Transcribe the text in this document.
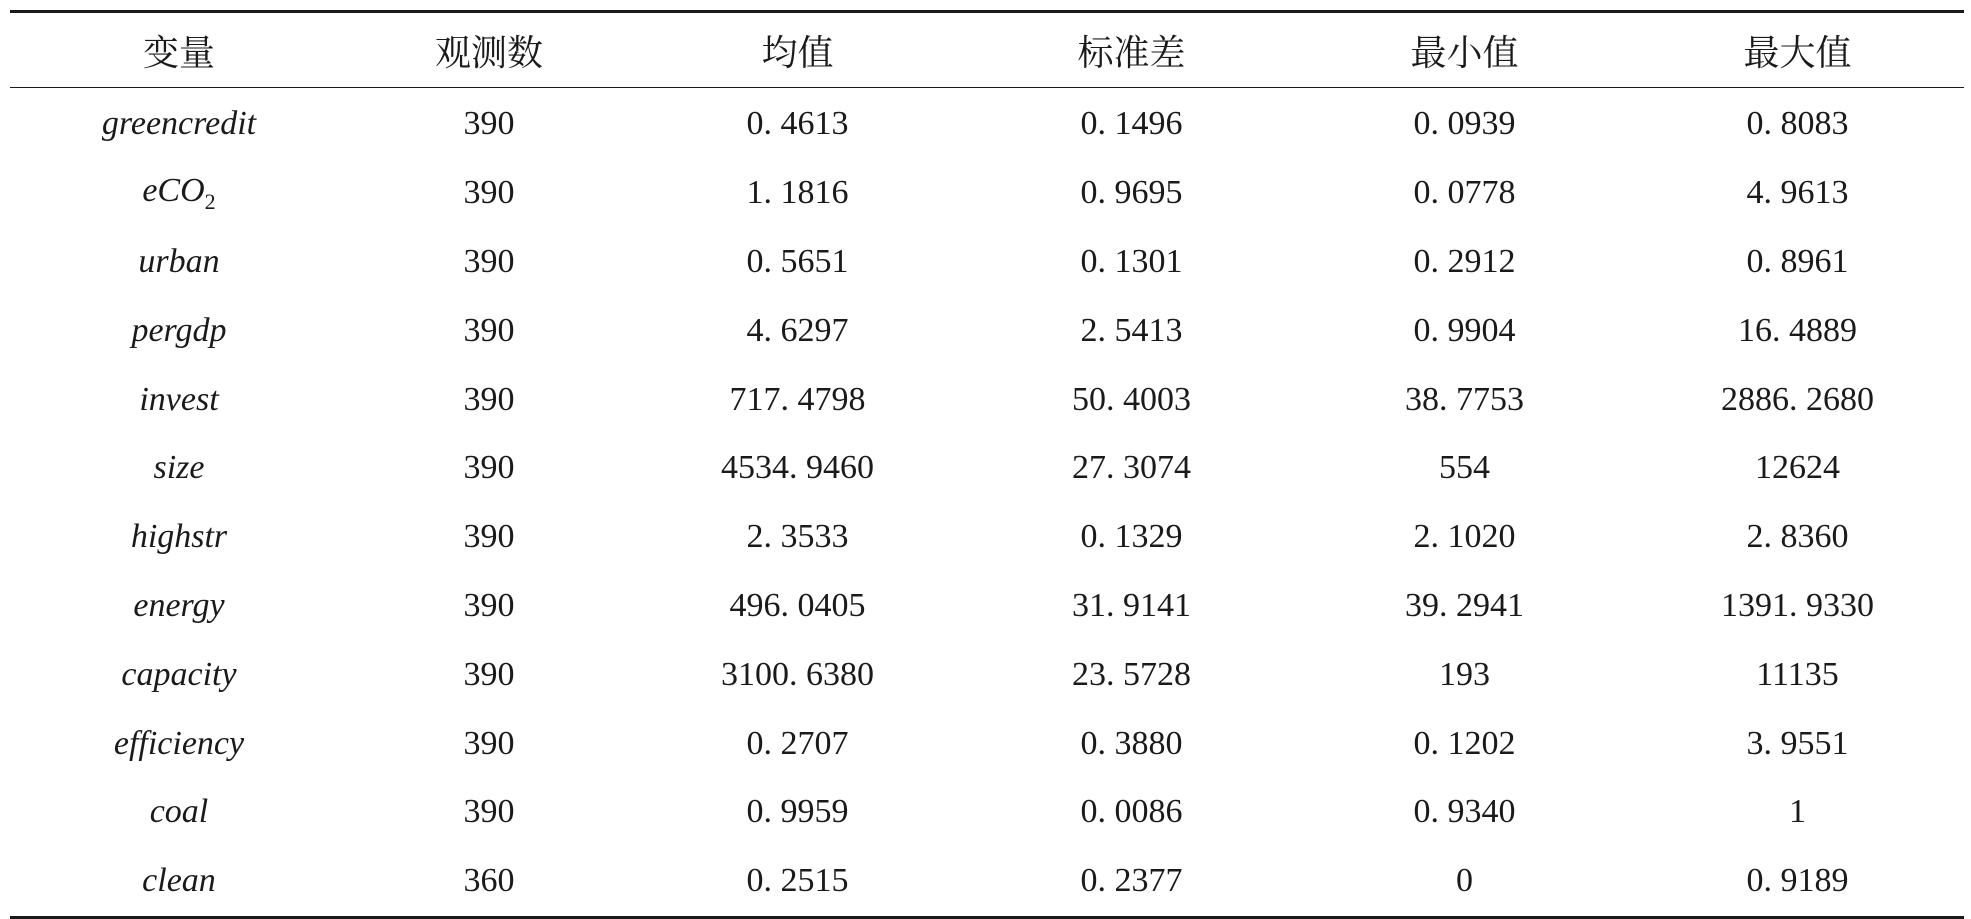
变量	观测数	均值	标准差	最小值	最大值
greencredit	390	0. 4613	0. 1496	0. 0939	0. 8083
eCO$_2$	390	1. 1816	0. 9695	0. 0778	4. 9613
urban	390	0. 5651	0. 1301	0. 2912	0. 8961
pergdp	390	4. 6297	2. 5413	0. 9904	16. 4889
invest	390	717. 4798	50. 4003	38. 7753	2886. 2680
size	390	4534. 9460	27. 3074	554	12624
highstr	390	2. 3533	0. 1329	2. 1020	2. 8360
energy	390	496. 0405	31. 9141	39. 2941	1391. 9330
capacity	390	3100. 6380	23. 5728	193	11135
efficiency	390	0. 2707	0. 3880	0. 1202	3. 9551
coal	390	0. 9959	0. 0086	0. 9340	1
clean	360	0. 2515	0. 2377	0	0. 9189
